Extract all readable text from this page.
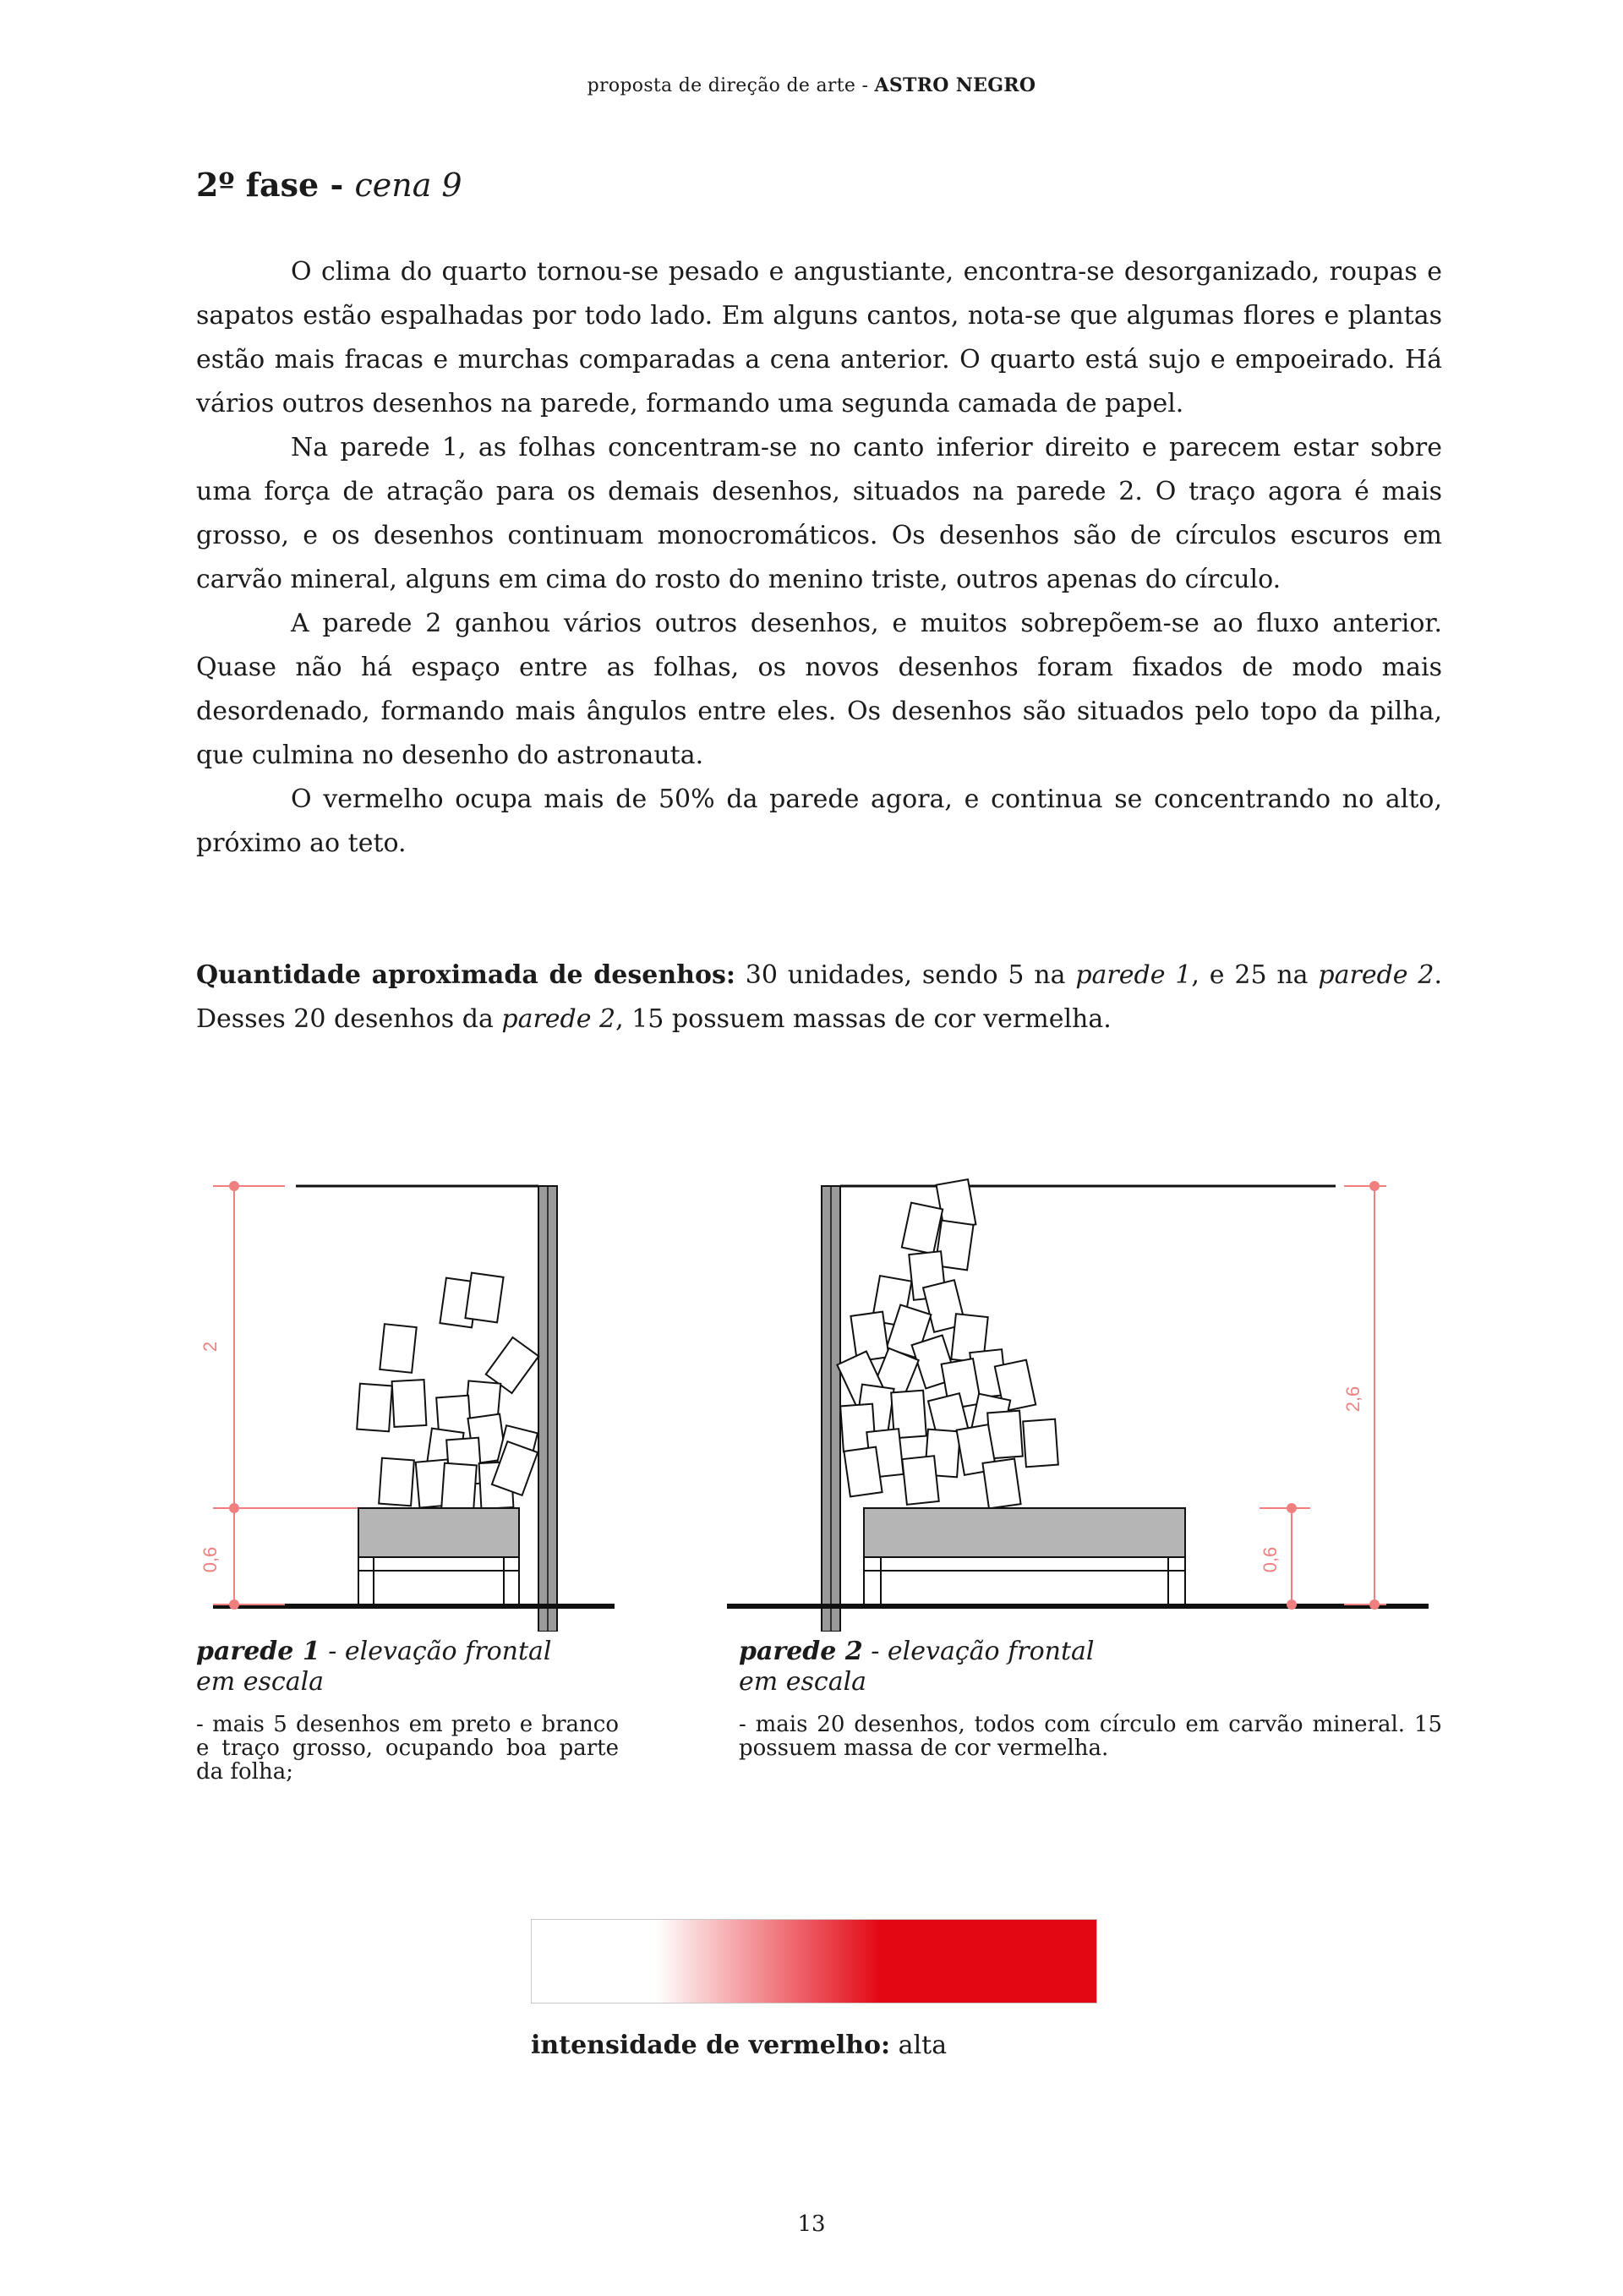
proposta de direção de arte - ASTRO NEGRO
2º fase - cena 9

O clima do quarto tornou-se pesado e angustiante, encontra-se desorganizado, roupas e sapatos estão espalhadas por todo lado. Em alguns cantos, nota-se que algumas flores e plantas estão mais fracas e murchas comparadas a cena anterior. O quarto está sujo e empoeirado. Há vários outros desenhos na parede, formando uma segunda camada de papel.

Na parede 1, as folhas concentram-se no canto inferior direito e parecem estar sobre uma força de atração para os demais desenhos, situados na parede 2. O traço agora é mais grosso, e os desenhos continuam monocromáticos. Os desenhos são de círculos escuros em carvão mineral, alguns em cima do rosto do menino triste, outros apenas do círculo.

A parede 2 ganhou vários outros desenhos, e muitos sobrepõem-se ao fluxo anterior. Quase não há espaço entre as folhas, os novos desenhos foram fixados de modo mais desordenado, formando mais ângulos entre eles. Os desenhos são situados pelo topo da pilha, que culmina no desenho do astronauta.

O vermelho ocupa mais de 50% da parede agora, e continua se concentrando no alto, próximo ao teto.

Quantidade aproximada de desenhos: 30 unidades, sendo 5 na parede 1, e 25 na parede 2. Desses 20 desenhos da parede 2, 15 possuem massas de cor vermelha.
2
0,6
2,6
0,6
parede 1 - elevação frontal
em escala
- mais 5 desenhos em preto e branco e traço grosso, ocupando boa parte da folha;
parede 2 - elevação frontal
em escala
- mais 20 desenhos, todos com círculo em carvão mineral. 15 possuem massa de cor vermelha.
intensidade de vermelho: alta
13
